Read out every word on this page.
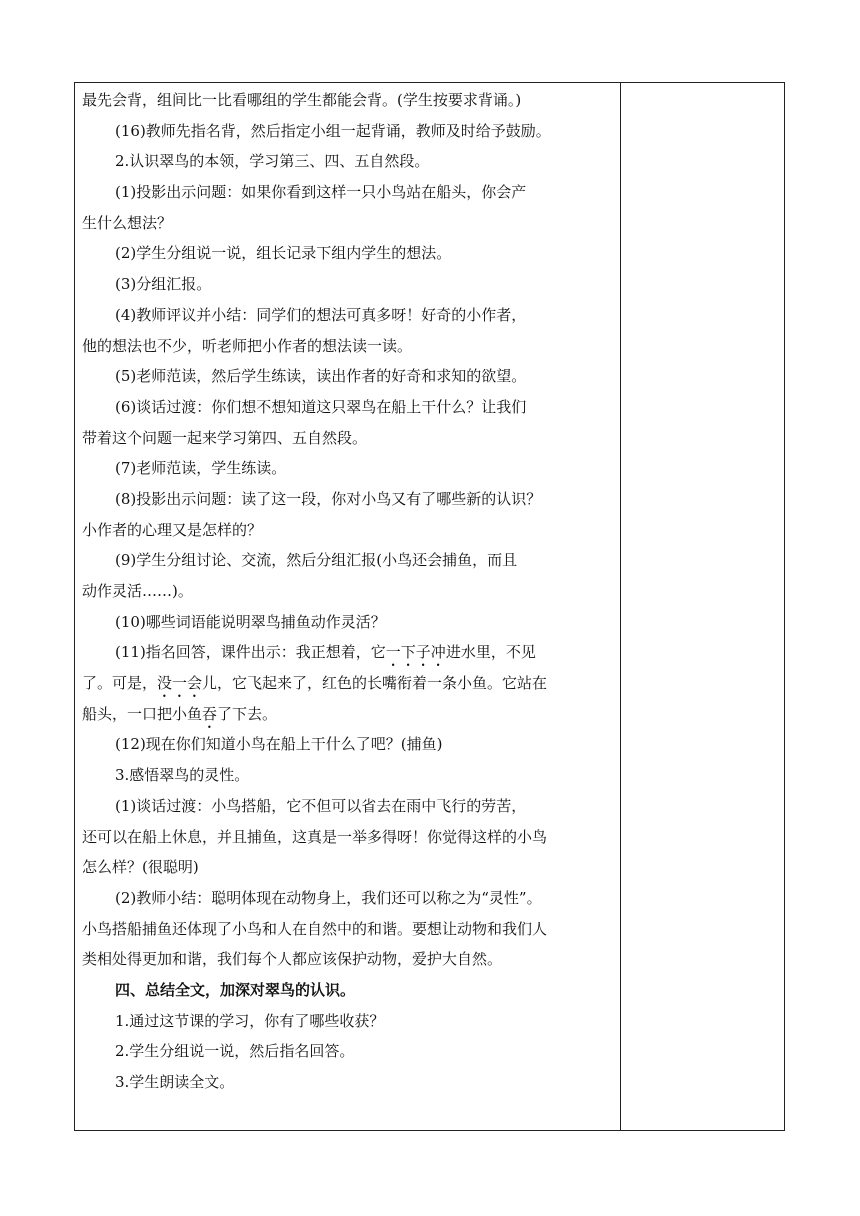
最先会背，组间比一比看哪组的学生都能会背。(学生按要求背诵。)
(16)教师先指名背，然后指定小组一起背诵，教师及时给予鼓励。
2.认识翠鸟的本领，学习第三、四、五自然段。
(1)投影出示问题：如果你看到这样一只小鸟站在船头，你会产
生什么想法？
(2)学生分组说一说，组长记录下组内学生的想法。
(3)分组汇报。
(4)教师评议并小结：同学们的想法可真多呀！好奇的小作者，
他的想法也不少，听老师把小作者的想法读一读。
(5)老师范读，然后学生练读，读出作者的好奇和求知的欲望。
(6)谈话过渡：你们想不想知道这只翠鸟在船上干什么？让我们
带着这个问题一起来学习第四、五自然段。
(7)老师范读，学生练读。
(8)投影出示问题：读了这一段，你对小鸟又有了哪些新的认识？
小作者的心理又是怎样的？
(9)学生分组讨论、交流，然后分组汇报(小鸟还会捕鱼，而且
动作灵活……)。
(10)哪些词语能说明翠鸟捕鱼动作灵活？
(11)指名回答，课件出示：我正想着，它一下子冲进水里，不见
了。可是，没一会儿，它飞起来了，红色的长嘴衔着一条小鱼。它站在
船头，一口把小鱼吞了下去。
(12)现在你们知道小鸟在船上干什么了吧？(捕鱼)
3.感悟翠鸟的灵性。
(1)谈话过渡：小鸟搭船，它不但可以省去在雨中飞行的劳苦，
还可以在船上休息，并且捕鱼，这真是一举多得呀！你觉得这样的小鸟
怎么样？(很聪明)
(2)教师小结：聪明体现在动物身上，我们还可以称之为“灵性”。
小鸟搭船捕鱼还体现了小鸟和人在自然中的和谐。要想让动物和我们人
类相处得更加和谐，我们每个人都应该保护动物，爱护大自然。
四、总结全文，加深对翠鸟的认识。
1.通过这节课的学习，你有了哪些收获？
2.学生分组说一说，然后指名回答。
3.学生朗读全文。
